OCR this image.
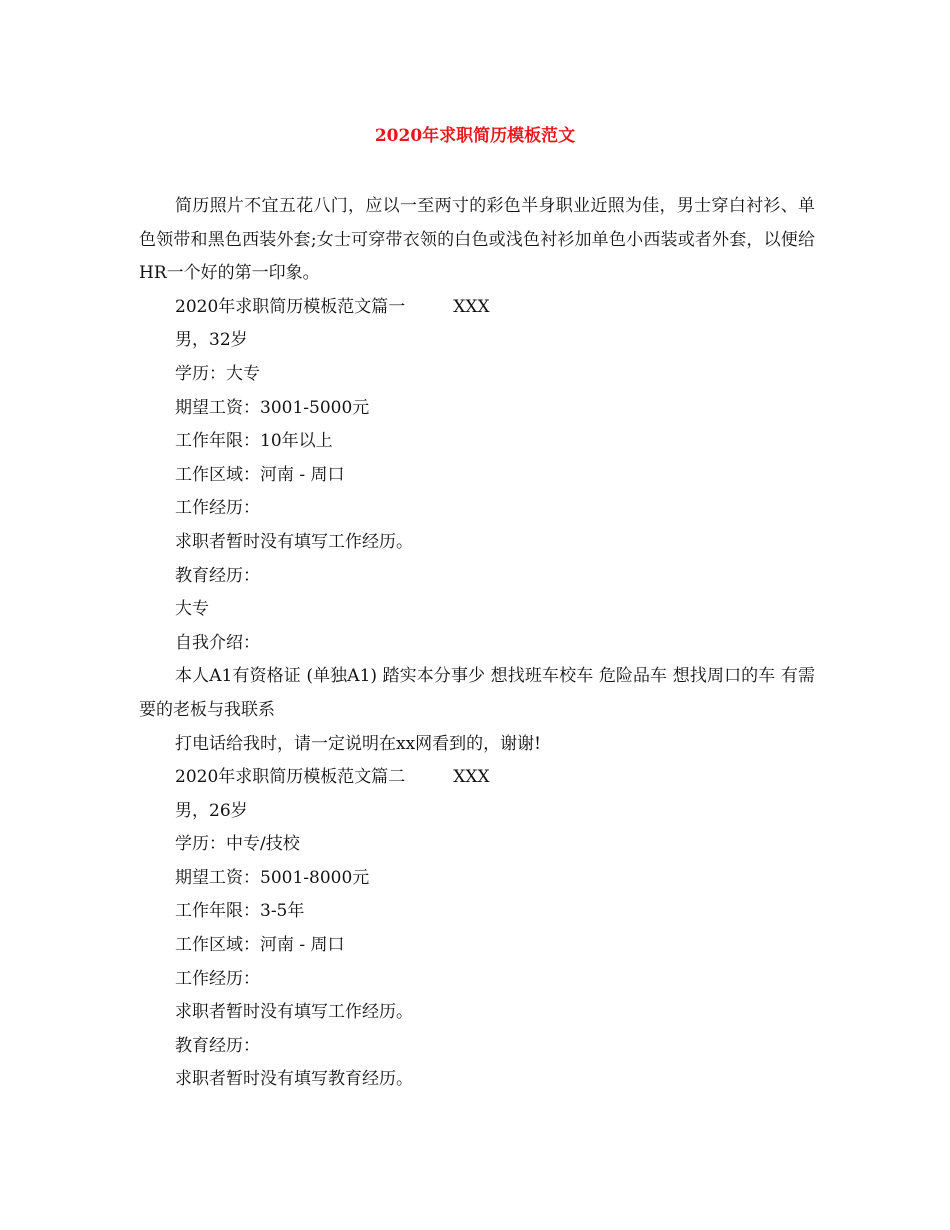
2020年求职简历模板范文

简历照片不宜五花八门，应以一至两寸的彩色半身职业近照为佳，男士穿白衬衫、单色领带和黑色西装外套;女士可穿带衣领的白色或浅色衬衫加单色小西装或者外套，以便给HR一个好的第一印象。

2020年求职简历模板范文篇一	XXX

男，32岁

学历：大专

期望工资：3001-5000元

工作年限：10年以上

工作区域：河南 - 周口

工作经历：

求职者暂时没有填写工作经历。

教育经历：

大专

自我介绍：

本人A1有资格证 (单独A1) 踏实本分事少 想找班车校车 危险品车 想找周口的车 有需要的老板与我联系

打电话给我时，请一定说明在xx网看到的，谢谢!

2020年求职简历模板范文篇二	XXX

男，26岁

学历：中专/技校

期望工资：5001-8000元

工作年限：3-5年

工作区域：河南 - 周口

工作经历：

求职者暂时没有填写工作经历。

教育经历：

求职者暂时没有填写教育经历。
